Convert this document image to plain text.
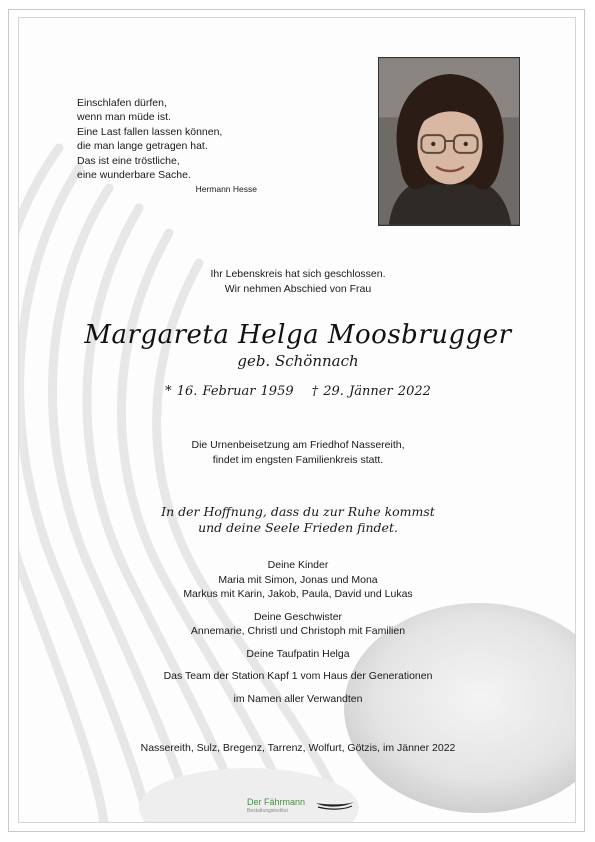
Einschlafen dürfen,
wenn man müde ist.
Eine Last fallen lassen können,
die man lange getragen hat.
Das ist eine tröstliche,
eine wunderbare Sache.
Hermann Hesse
Ihr Lebenskreis hat sich geschlossen.
Wir nehmen Abschied von Frau
Margareta Helga Moosbrugger
geb. Schönnach
* 16. Februar 1959 † 29. Jänner 2022
Die Urnenbeisetzung am Friedhof Nassereith,
findet im engsten Familienkreis statt.
In der Hoffnung, dass du zur Ruhe kommst
und deine Seele Frieden findet.
Deine Kinder
Maria mit Simon, Jonas und Mona
Markus mit Karin, Jakob, Paula, David und Lukas
Deine Geschwister
Annemarie, Christl und Christoph mit Familien
Deine Taufpatin Helga
Das Team der Station Kapf 1 vom Haus der Generationen
im Namen aller Verwandten
Nassereith, Sulz, Bregenz, Tarrenz, Wolfurt, Götzis, im Jänner 2022
Der Fährmann
Bestattungsinstitut
